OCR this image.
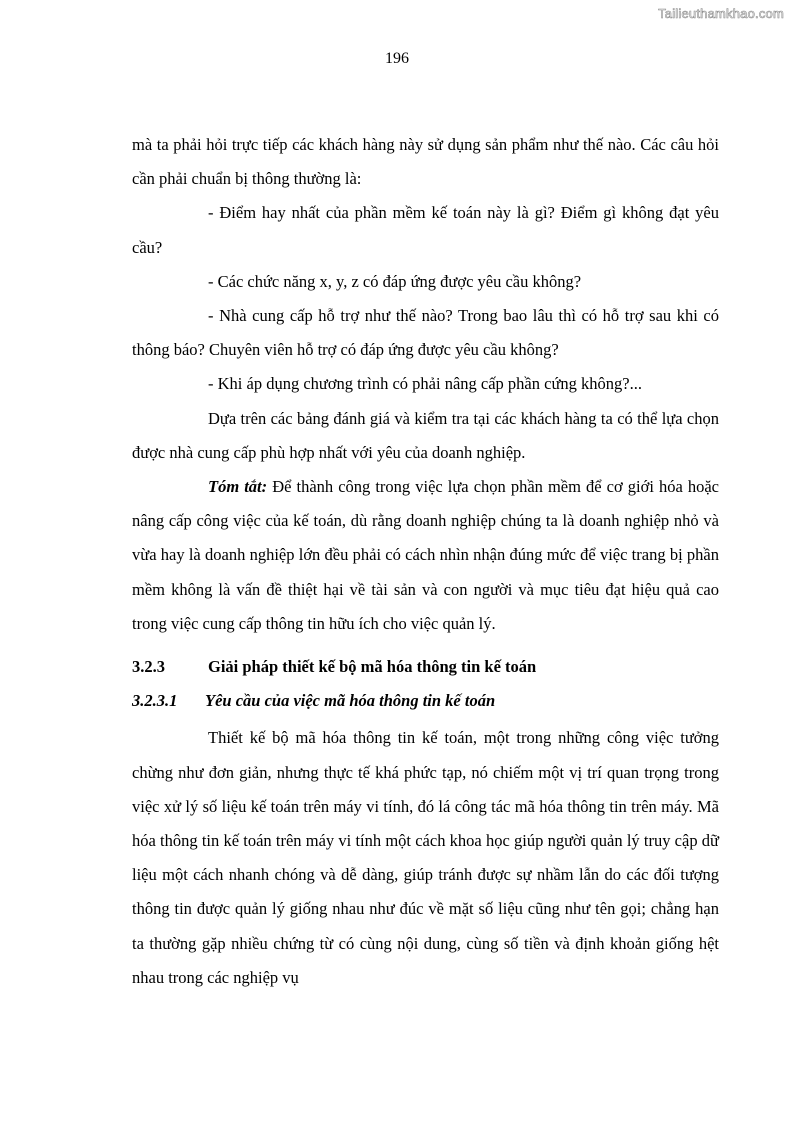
Tailieuthamkhao.com
196

mà ta phải hỏi trực tiếp các khách hàng này sử dụng sản phẩm như thế nào. Các câu hỏi cần phải chuẩn bị thông thường là:

- Điểm hay nhất của phần mềm kế toán này là gì? Điểm gì không đạt yêu cầu?

- Các chức năng x, y, z có đáp ứng được yêu cầu không?

- Nhà cung cấp hỗ trợ như thế nào? Trong bao lâu thì có hỗ trợ sau khi có thông báo? Chuyên viên hỗ trợ có đáp ứng được yêu cầu không?

- Khi áp dụng chương trình có phải nâng cấp phần cứng không?...

Dựa trên các bảng đánh giá và kiểm tra tại các khách hàng ta có thể lựa chọn được nhà cung cấp phù hợp nhất với yêu của doanh nghiệp.

Tóm tắt: Để thành công trong việc lựa chọn phần mềm để cơ giới hóa hoặc nâng cấp công việc của kế toán, dù rằng doanh nghiệp chúng ta là doanh nghiệp nhỏ và vừa hay là doanh nghiệp lớn đều phải có cách nhìn nhận đúng mức để việc trang bị phần mềm không là vấn đề thiệt hại về tài sản và con người và mục tiêu đạt hiệu quả cao trong việc cung cấp thông tin hữu ích cho việc quản lý.

3.2.3	Giải pháp thiết kế bộ mã hóa thông tin kế toán

3.2.3.1	Yêu cầu của việc mã hóa thông tin kế toán

Thiết kế bộ mã hóa thông tin kế toán, một trong những công việc tưởng chừng như đơn giản, nhưng thực tế khá phức tạp, nó chiếm một vị trí quan trọng trong việc xử lý số liệu kế toán trên máy vi tính, đó lá công tác mã hóa thông tin trên máy. Mã hóa thông tin kế toán trên máy vi tính một cách khoa học giúp người quản lý truy cập dữ liệu một cách nhanh chóng và dễ dàng, giúp tránh được sự nhầm lẫn do các đối tượng thông tin được quản lý giống nhau như đúc về mặt số liệu cũng như tên gọi; chẳng hạn ta thường gặp nhiều chứng từ có cùng nội dung, cùng số tiền và định khoản giống hệt nhau trong các nghiệp vụ
